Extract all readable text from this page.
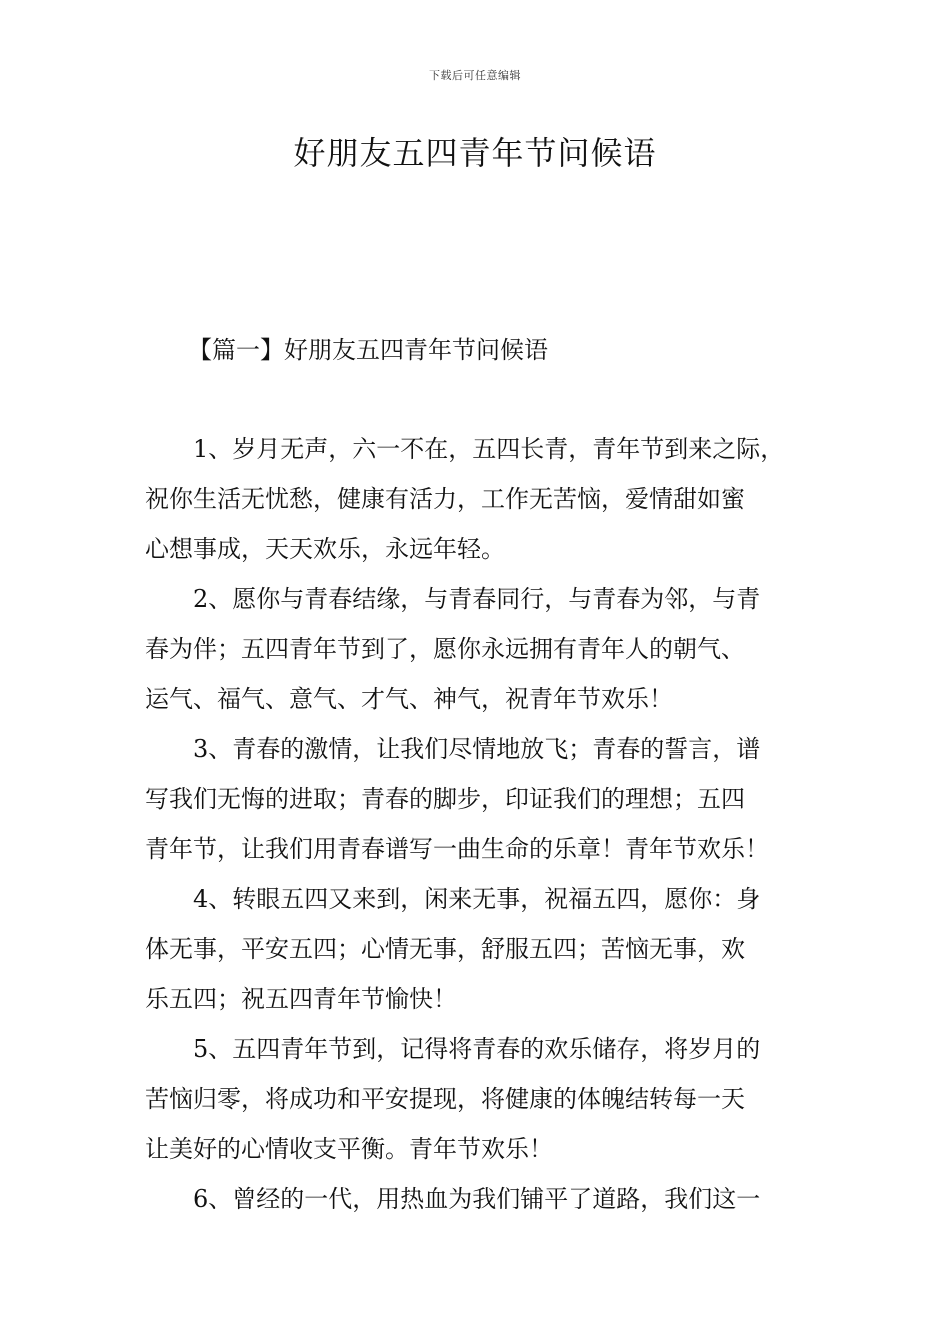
下载后可任意编辑
好朋友五四青年节问候语
【篇一】好朋友五四青年节问候语

1、岁月无声，六一不在，五四长青，青年节到来之际，
祝你生活无忧愁，健康有活力，工作无苦恼，爱情甜如蜜
心想事成，天天欢乐，永远年轻。

2、愿你与青春结缘，与青春同行，与青春为邻，与青
春为伴；五四青年节到了，愿你永远拥有青年人的朝气、
运气、福气、意气、才气、神气，祝青年节欢乐！

3、青春的激情，让我们尽情地放飞；青春的誓言，谱
写我们无悔的进取；青春的脚步，印证我们的理想；五四
青年节，让我们用青春谱写一曲生命的乐章！青年节欢乐！

4、转眼五四又来到，闲来无事，祝福五四，愿你：身
体无事，平安五四；心情无事，舒服五四；苦恼无事，欢
乐五四；祝五四青年节愉快！

5、五四青年节到，记得将青春的欢乐储存，将岁月的
苦恼归零，将成功和平安提现，将健康的体魄结转每一天
让美好的心情收支平衡。青年节欢乐！

6、曾经的一代，用热血为我们铺平了道路，我们这一
